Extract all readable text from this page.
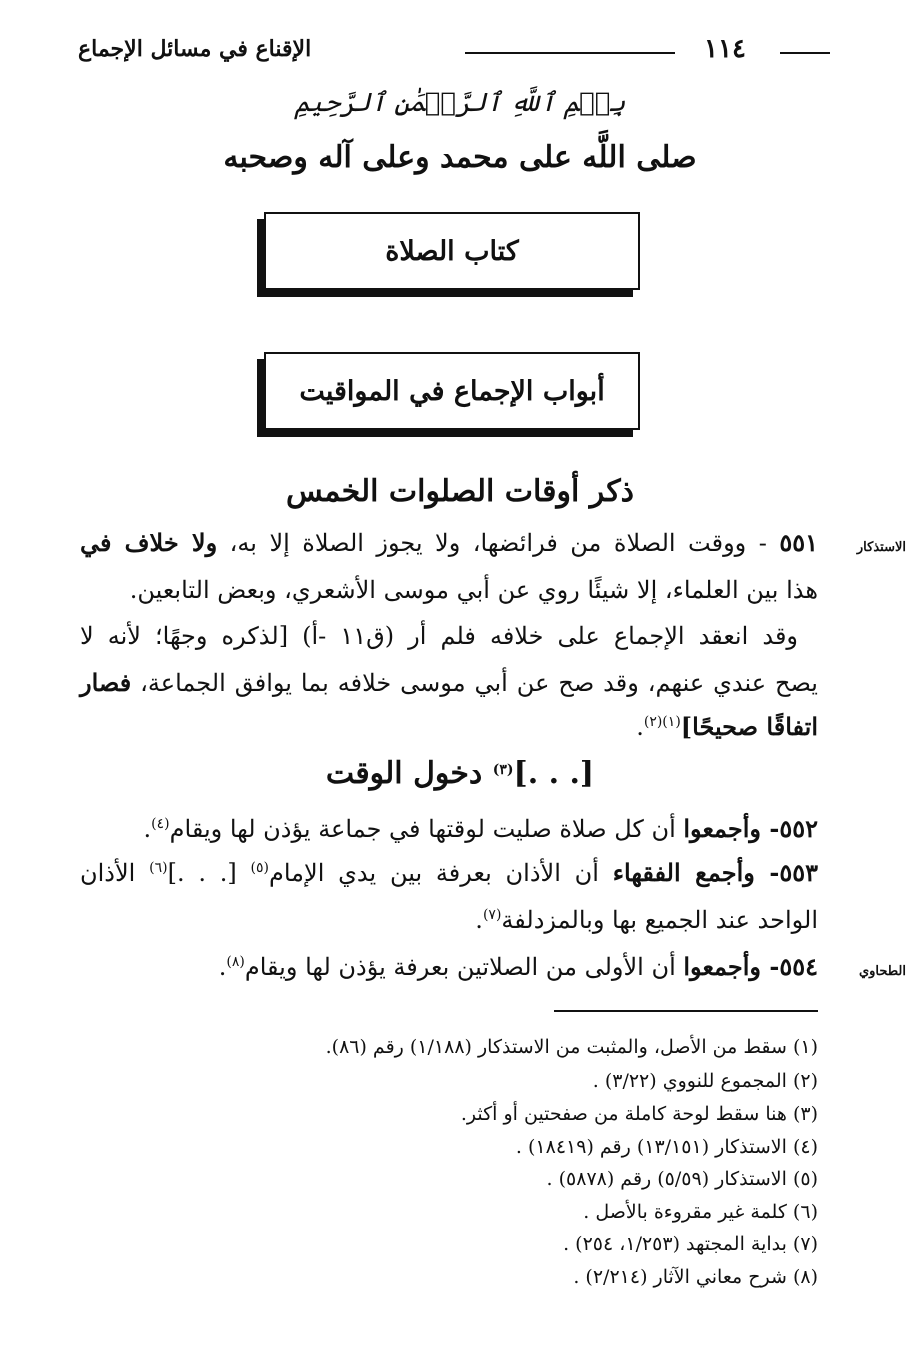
١١٤
الإقناع في مسائل الإجماع
بِسۡمِ ٱللَّهِ ٱلرَّحۡمَٰنِ ٱلرَّحِيمِ
صلى اللَّه على محمد وعلى آله وصحبه
كتاب الصلاة
أبواب الإجماع في المواقيت
ذكر أوقات الصلوات الخمس
الاستذكار
٥٥١ - ووقت الصلاة من فرائضها، ولا يجوز الصلاة إلا به، ولا خلاف في
هذا بين العلماء، إلا شيئًا روي عن أبي موسى الأشعري، وبعض التابعين.
وقد انعقد الإجماع على خلافه فلم أر (ق١١ -أ) [لذكره وجهًا؛ لأنه لا
يصح عندي عنهم، وقد صح عن أبي موسى خلافه بما يوافق الجماعة، فصار
اتفاقًا صحيحًا]$^{(١)(٢)}$.
[. . .]$^{(٣)}$ دخول الوقت
٥٥٢- وأجمعوا أن كل صلاة صليت لوقتها في جماعة يؤذن لها ويقام$^{(٤)}$.
٥٥٣- وأجمع الفقهاء أن الأذان بعرفة بين يدي الإمام$^{(٥)}$ [. . .]$^{(٦)}$ الأذان
الواحد عند الجميع بها وبالمزدلفة$^{(٧)}$.
الطحاوي
٥٥٤- وأجمعوا أن الأولى من الصلاتين بعرفة يؤذن لها ويقام$^{(٨)}$.
(١) سقط من الأصل، والمثبت من الاستذكار (١/١٨٨) رقم (٨٦).
(٢) المجموع للنووي (٣/٢٢) .
(٣) هنا سقط لوحة كاملة من صفحتين أو أكثر.
(٤) الاستذكار (١٣/١٥١) رقم (١٨٤١٩) .
(٥) الاستذكار (٥/٥٩) رقم (٥٨٧٨) .
(٦) كلمة غير مقروءة بالأصل .
(٧) بداية المجتهد (١/٢٥٣، ٢٥٤) .
(٨) شرح معاني الآثار (٢/٢١٤) .
